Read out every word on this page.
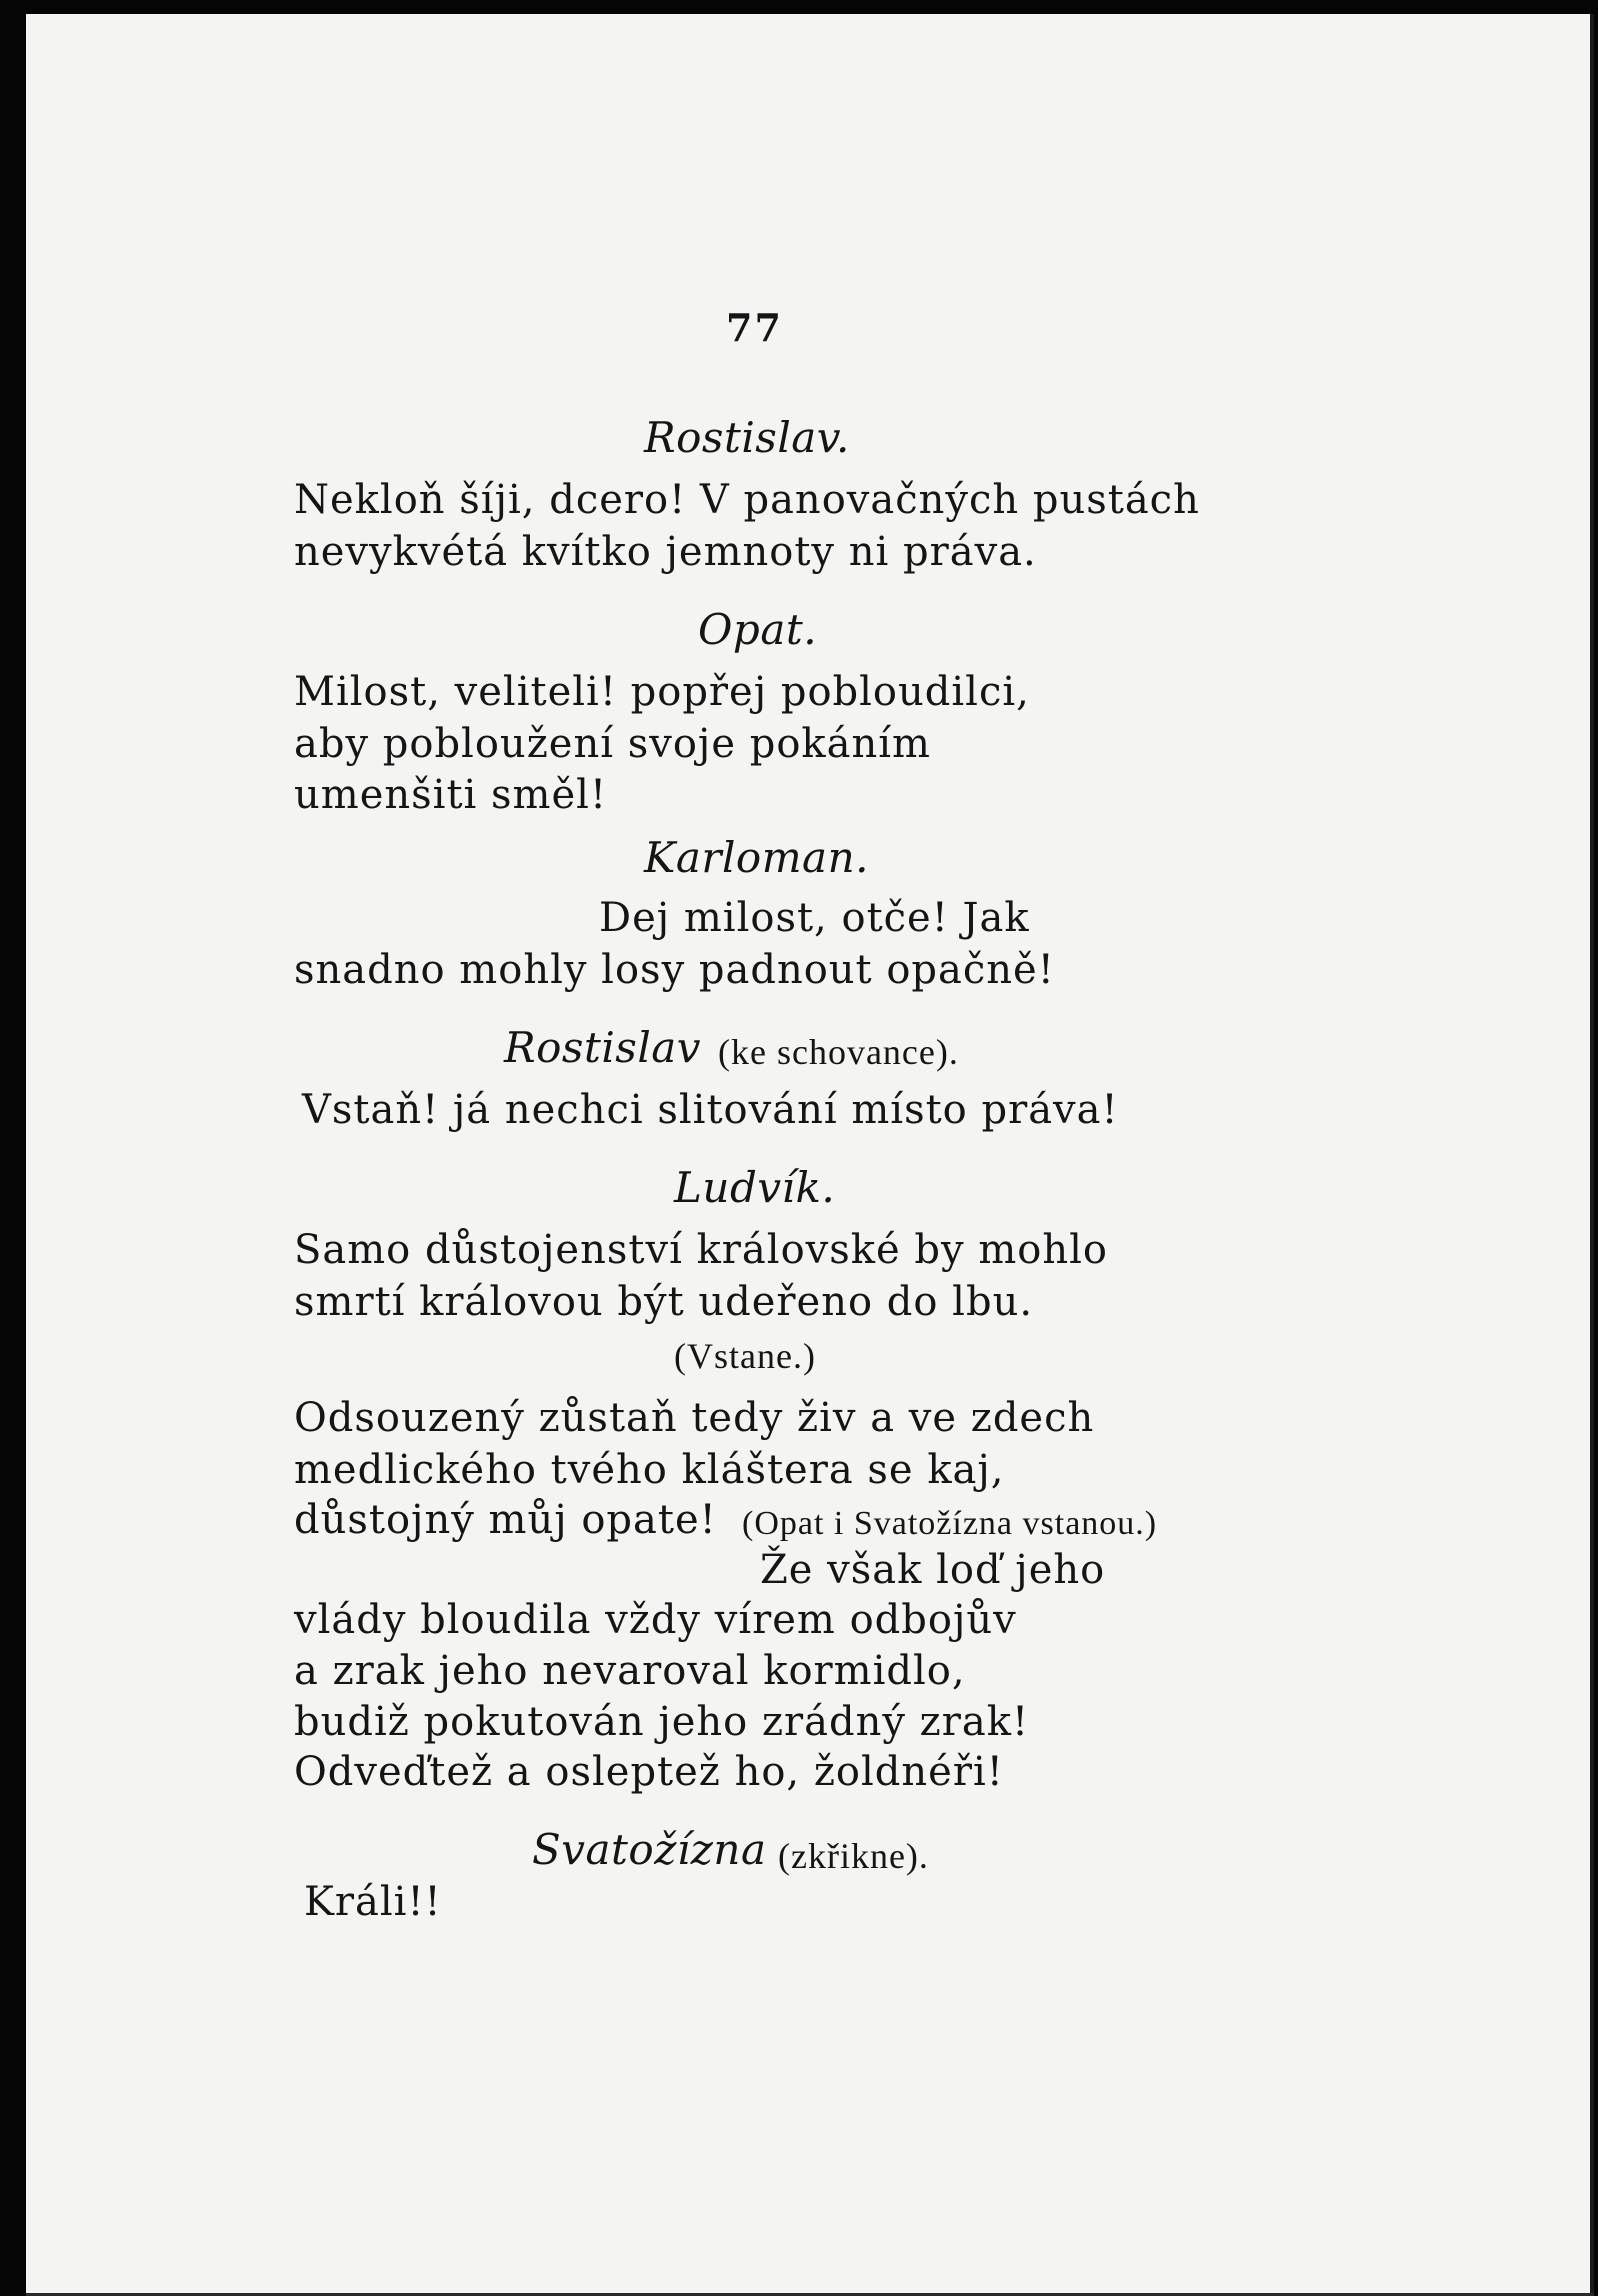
77

Rostislav.

Nekloň šíji, dcero! V panovačných pustách

nevykvétá kvítko jemnoty ni práva.

Opat.

Milost, veliteli! popřej pobloudilci,

aby pobloužení svoje pokáním

umenšiti směl!

Karloman.

Dej milost, otče! Jak

snadno mohly losy padnout opačně!

Rostislav (ke schovance).

Vstaň! já nechci slitování místo práva!

Ludvík.

Samo důstojenství královské by mohlo

smrtí královou být udeřeno do lbu.

(Vstane.)

Odsouzený zůstaň tedy živ a ve zdech

medlického tvého kláštera se kaj,

důstojný můj opate! (Opat i Svatožízna vstanou.)

Že však loď jeho

vlády bloudila vždy vírem odbojův

a zrak jeho nevaroval kormidlo,

budiž pokutován jeho zrádný zrak!

Odveďtež a osleptež ho, žoldnéři!

Svatožízna (zkřikne).

Králi!!
